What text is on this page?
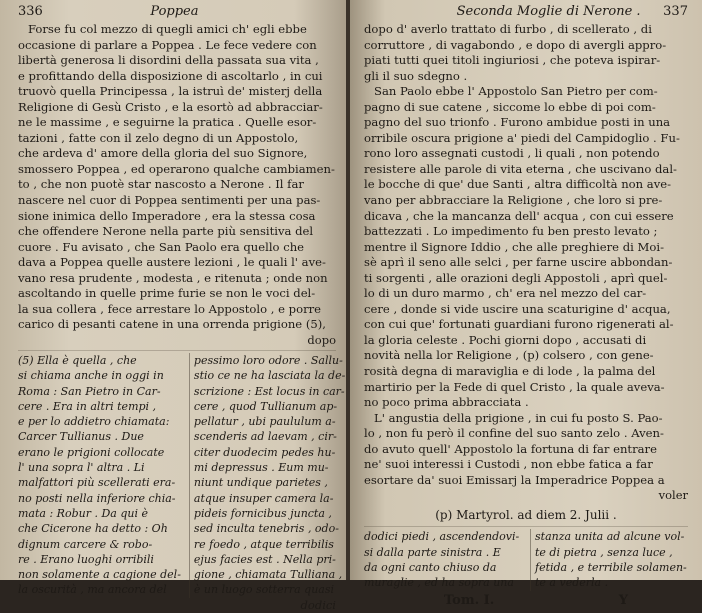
336	Poppea
Forse fu col mezzo di quegli amici ch' egli ebbe
occasione di parlare a Poppea . Le fece vedere con
libertà generosa li disordini della passata sua vita ,
e profittando della disposizione di ascoltarlo , in cui
truovò quella Principessa , la istruì de' misterj della
Religione di Gesù Cristo , e la esortò ad abbracciar-
ne le massime , e seguirne la pratica . Quelle esor-
tazioni , fatte con il zelo degno di un Appostolo,
che ardeva d' amore della gloria del suo Signore,
smossero Poppea , ed operarono qualche cambiamen-
to , che non puotè star nascosto a Nerone . Il far
nascere nel cuor di Poppea sentimenti per una pas-
sione inimica dello Imperadore , era la stessa cosa
che offendere Nerone nella parte più sensitiva del
cuore . Fu avisato , che San Paolo era quello che
dava a Poppea quelle austere lezioni , le quali l' ave-
vano resa prudente , modesta , e ritenuta ; onde non
ascoltando in quelle prime furie se non le voci del-
la sua collera , fece arrestare lo Appostolo , e porre
carico di pesanti catene in una orrenda prigione (5),
dopo
(5) Ella è quella , che
si chiama anche in oggi in
Roma : San Pietro in Car-
cere . Era in altri tempi ,
e per lo addietro chiamata:
Carcer Tullianus . Due
erano le prigioni collocate
l' una sopra l' altra . Li
malfattori più scellerati era-
no posti nella inferiore chia-
mata : Robur . Da qui è
che Cicerone ha detto : Oh
dignum carcere & robo-
re . Erano luoghi orribili
non solamente a cagione del-
la oscurità , ma ancora del
pessimo loro odore . Sallu-
stio ce ne ha lasciata la de-
scrizione : Est locus in car-
cere , quod Tullianum ap-
pellatur , ubi paululum a-
scenderis ad laevam , cir-
citer duodecim pedes hu-
mi depressus . Eum mu-
niunt undique parietes ,
atque insuper camera la-
pideis fornicibus juncta ,
sed inculta tenebris , odo-
re foedo , atque terribilis
ejus facies est . Nella pri-
gione , chiamata Tulliana ,
è un luogo sotterra quasi
dodici
Seconda Moglie di Nerone . 337
dopo d' averlo trattato di furbo , di scellerato , di
corruttore , di vagabondo , e dopo di avergli appro-
piati tutti quei titoli ingiuriosi , che poteva ispirar-
gli il suo sdegno .
San Paolo ebbe l' Appostolo San Pietro per com-
pagno di sue catene , siccome lo ebbe di poi com-
pagno del suo trionfo . Furono ambidue posti in una
orribile oscura prigione a' piedi del Campidoglio . Fu-
rono loro assegnati custodi , li quali , non potendo
resistere alle parole di vita eterna , che uscivano dal-
le bocche di que' due Santi , altra difficoltà non ave-
vano per abbracciare la Religione , che loro si pre-
dicava , che la mancanza dell' acqua , con cui essere
battezzati . Lo impedimento fu ben presto levato ;
mentre il Signore Iddio , che alle preghiere di Moi-
sè aprì il seno alle selci , per farne uscire abbondan-
ti sorgenti , alle orazioni degli Appostoli , aprì quel-
lo di un duro marmo , ch' era nel mezzo del car-
cere , donde si vide uscire una scaturigine d' acqua,
con cui que' fortunati guardiani furono rigenerati al-
la gloria celeste . Pochi giorni dopo , accusati di
novità nella lor Religione , (p) colsero , con gene-
rosità degna di maraviglia e di lode , la palma del
martirio per la Fede di quel Cristo , la quale aveva-
no poco prima abbracciata .
L' angustia della prigione , in cui fu posto S. Pao-
lo , non fu però il confine del suo santo zelo . Aven-
do avuto quell' Appostolo la fortuna di far entrare
ne' suoi interessi i Custodi , non ebbe fatica a far
esortare da' suoi Emissarj la Imperadrice Poppea a
voler
(p) Martyrol. ad diem 2. Julii .
dodici piedi , ascendendovi-
si dalla parte sinistra . E
da ogni canto chiuso da
muraglie , ed ha sopra una
stanza unita ad alcune vol-
te di pietra , senza luce ,
fetida , e terribile solamen-
te a vederla .
Tom. I.	Y
